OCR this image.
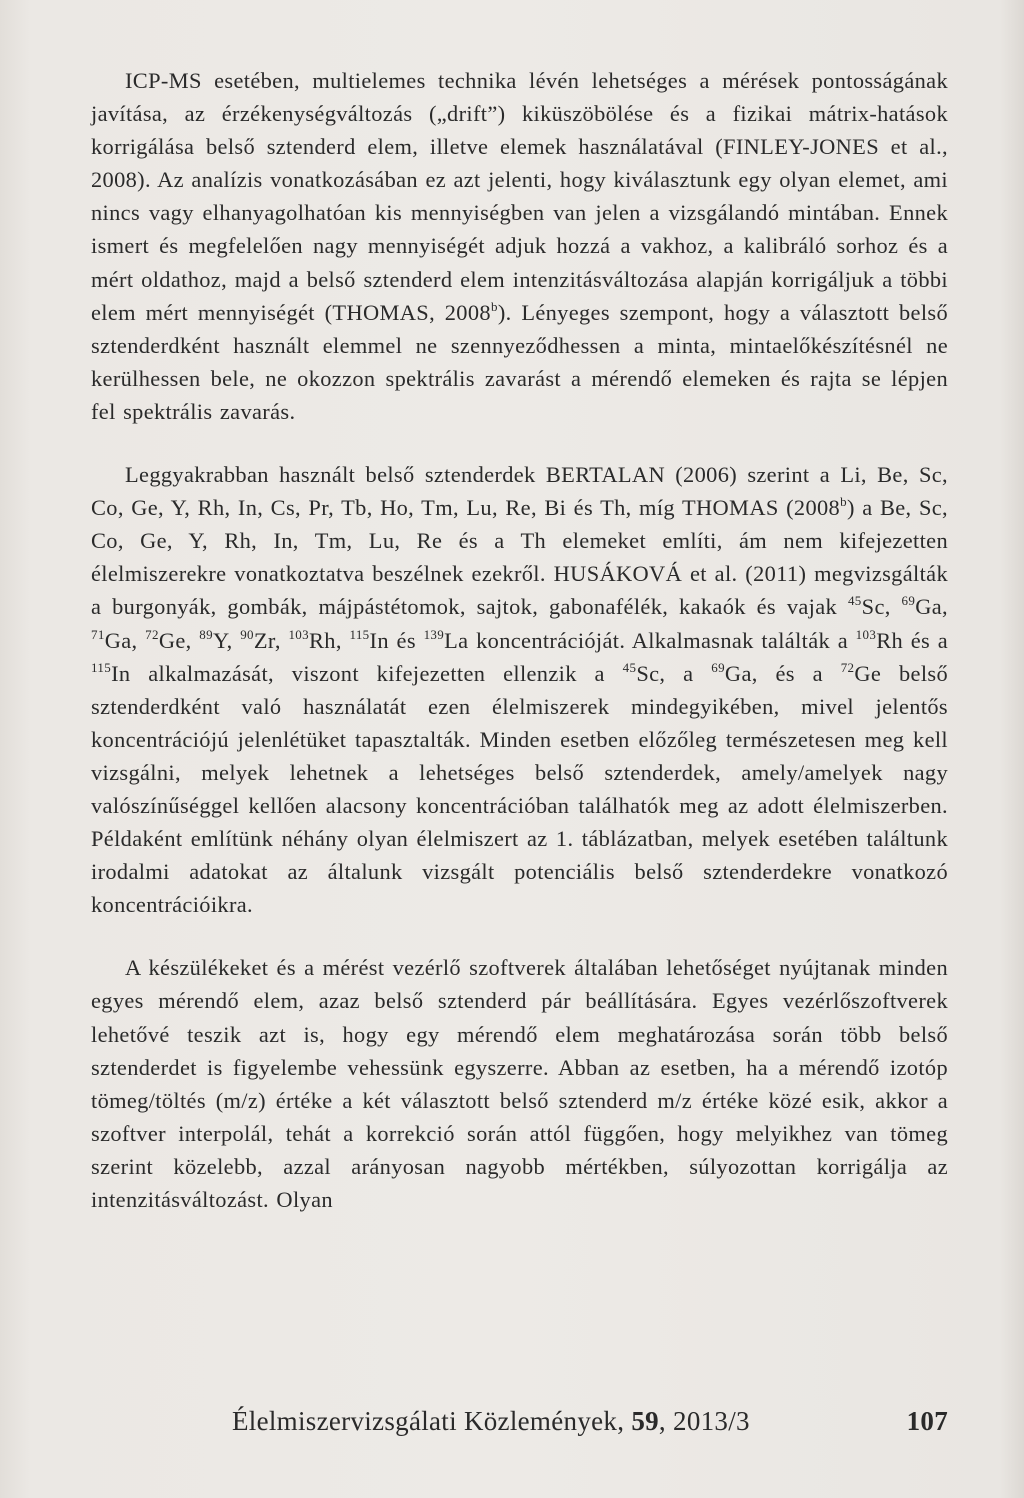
ICP-MS esetében, multielemes technika lévén lehetséges a mérések pontosságának javítása, az érzékenységváltozás („drift”) kiküszöbölése és a fizikai mátrix-hatások korrigálása belső sztenderd elem, illetve elemek használatával (FINLEY-JONES et al., 2008). Az analízis vonatkozásában ez azt jelenti, hogy kiválasztunk egy olyan elemet, ami nincs vagy elhanyagolhatóan kis mennyiségben van jelen a vizsgálandó mintában. Ennek ismert és megfelelően nagy mennyiségét adjuk hozzá a vakhoz, a kalibráló sorhoz és a mért oldathoz, majd a belső sztenderd elem intenzitásváltozása alapján korrigáljuk a többi elem mért mennyiségét (THOMAS, 2008$^b$). Lényeges szempont, hogy a választott belső sztenderdként használt elemmel ne szennyeződhessen a minta, mintaelőkészítésnél ne kerülhessen bele, ne okozzon spektrális zavarást a mérendő elemeken és rajta se lépjen fel spektrális zavarás.

Leggyakrabban használt belső sztenderdek BERTALAN (2006) szerint a Li, Be, Sc, Co, Ge, Y, Rh, In, Cs, Pr, Tb, Ho, Tm, Lu, Re, Bi és Th, míg THOMAS (2008$^b$) a Be, Sc, Co, Ge, Y, Rh, In, Tm, Lu, Re és a Th elemeket említi, ám nem kifejezetten élelmiszerekre vonatkoztatva beszélnek ezekről. HUSÁKOVÁ et al. (2011) megvizsgálták a burgonyák, gombák, májpástétomok, sajtok, gabonafélék, kakaók és vajak $^{45}$Sc, $^{69}$Ga, $^{71}$Ga, $^{72}$Ge, $^{89}$Y, $^{90}$Zr, $^{103}$Rh, $^{115}$In és $^{139}$La koncentrációját. Alkalmasnak találták a $^{103}$Rh és a $^{115}$In alkalmazását, viszont kifejezetten ellenzik a $^{45}$Sc, a $^{69}$Ga, és a $^{72}$Ge belső sztenderdként való használatát ezen élelmiszerek mindegyikében, mivel jelentős koncentrációjú jelenlétüket tapasztalták. Minden esetben előzőleg természetesen meg kell vizsgálni, melyek lehetnek a lehetséges belső sztenderdek, amely/amelyek nagy valószínűséggel kellően alacsony koncentrációban találhatók meg az adott élelmiszerben. Példaként említünk néhány olyan élelmiszert az 1. táblázatban, melyek esetében találtunk irodalmi adatokat az általunk vizsgált potenciális belső sztenderdekre vonatkozó koncentrációikra.

A készülékeket és a mérést vezérlő szoftverek általában lehetőséget nyújtanak minden egyes mérendő elem, azaz belső sztenderd pár beállítására. Egyes vezérlőszoftverek lehetővé teszik azt is, hogy egy mérendő elem meghatározása során több belső sztenderdet is figyelembe vehessünk egyszerre. Abban az esetben, ha a mérendő izotóp tömeg/töltés (m/z) értéke a két választott belső sztenderd m/z értéke közé esik, akkor a szoftver interpolál, tehát a korrekció során attól függően, hogy melyikhez van tömeg szerint közelebb, azzal arányosan nagyobb mértékben, súlyozottan korrigálja az intenzitásváltozást. Olyan

Élelmiszervizsgálati Közlemények, 59, 2013/3	107
